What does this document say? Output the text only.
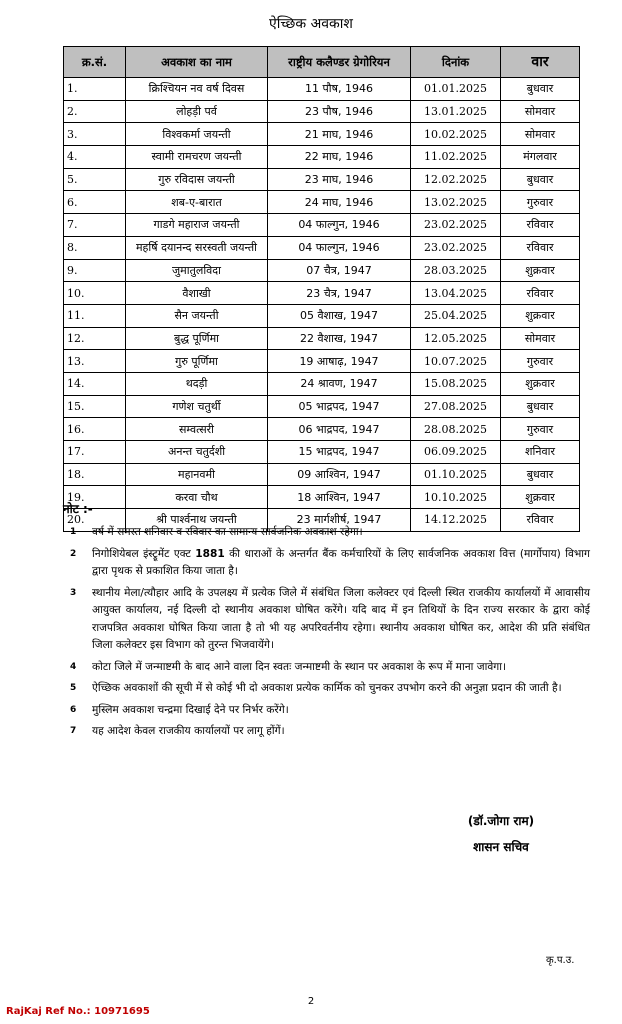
ऐच्छिक अवकाश
क्र.सं.	अवकाश का नाम	राष्ट्रीय कलैण्डर ग्रेगोरियन	दिनांक	वार
1.	क्रिश्चियन नव वर्ष दिवस	11 पौष, 1946	01.01.2025	बुधवार
2.	लोहड़ी पर्व	23 पौष, 1946	13.01.2025	सोमवार
3.	विश्वकर्मा जयन्ती	21 माघ, 1946	10.02.2025	सोमवार
4.	स्वामी रामचरण जयन्ती	22 माघ, 1946	11.02.2025	मंगलवार
5.	गुरु रविदास जयन्ती	23 माघ, 1946	12.02.2025	बुधवार
6.	शब-ए-बारात	24 माघ, 1946	13.02.2025	गुरुवार
7.	गाडगे महाराज जयन्ती	04 फाल्गुन, 1946	23.02.2025	रविवार
8.	महर्षि दयानन्द सरस्वती जयन्ती	04 फाल्गुन, 1946	23.02.2025	रविवार
9.	जुमातुलविदा	07 चैत्र, 1947	28.03.2025	शुक्रवार
10.	वैशाखी	23 चैत्र, 1947	13.04.2025	रविवार
11.	सैन जयन्ती	05 वैशाख, 1947	25.04.2025	शुक्रवार
12.	बुद्ध पूर्णिमा	22 वैशाख, 1947	12.05.2025	सोमवार
13.	गुरु पूर्णिमा	19 आषाढ़, 1947	10.07.2025	गुरुवार
14.	थदड़ी	24 श्रावण, 1947	15.08.2025	शुक्रवार
15.	गणेश चतुर्थी	05 भाद्रपद, 1947	27.08.2025	बुधवार
16.	सम्वत्सरी	06 भाद्रपद, 1947	28.08.2025	गुरुवार
17.	अनन्त चतुर्दशी	15 भाद्रपद, 1947	06.09.2025	शनिवार
18.	महानवमी	09 आश्विन, 1947	01.10.2025	बुधवार
19.	करवा चौथ	18 आश्विन, 1947	10.10.2025	शुक्रवार
20.	श्री पार्श्वनाथ जयन्ती	23 मार्गशीर्ष, 1947	14.12.2025	रविवार
नोट :-
1 वर्ष में समस्त शनिवार व रविवार का सामान्य सार्वजनिक अवकाश रहेगा।
2 निगोशियेबल इंस्ट्रूमेंट एक्ट 1881 की धाराओं के अन्तर्गत बैंक कर्मचारियों के लिए सार्वजनिक अवकाश वित्त (मार्गोपाय) विभाग द्वारा पृथक से प्रकाशित किया जाता है।
3 स्थानीय मेला/त्यौहार आदि के उपलक्ष्य में प्रत्येक जिले में संबंधित जिला कलेक्टर एवं दिल्ली स्थित राजकीय कार्यालयों में आवासीय आयुक्त कार्यालय, नई दिल्ली दो स्थानीय अवकाश घोषित करेंगे। यदि बाद में इन तिथियों के दिन राज्य सरकार के द्वारा कोई राजपत्रित अवकाश घोषित किया जाता है तो भी यह अपरिवर्तनीय रहेगा। स्थानीय अवकाश घोषित कर, आदेश की प्रति संबंधित जिला कलेक्टर इस विभाग को तुरन्त भिजवायेंगे।
4 कोटा जिले में जन्माष्टमी के बाद आने वाला दिन स्वतः जन्माष्टमी के स्थान पर अवकाश के रूप में माना जावेगा।
5 ऐच्छिक अवकाशों की सूची में से कोई भी दो अवकाश प्रत्येक कार्मिक को चुनकर उपभोग करने की अनुज्ञा प्रदान की जाती है।
6 मुस्लिम अवकाश चन्द्रमा दिखाई देने पर निर्भर करेंगे।
7 यह आदेश केवल राजकीय कार्यालयों पर लागू होंगें।
(डॉ.जोगा राम)
शासन सचिव
कृ.प.उ.
2
RajKaj Ref No.: 10971695
